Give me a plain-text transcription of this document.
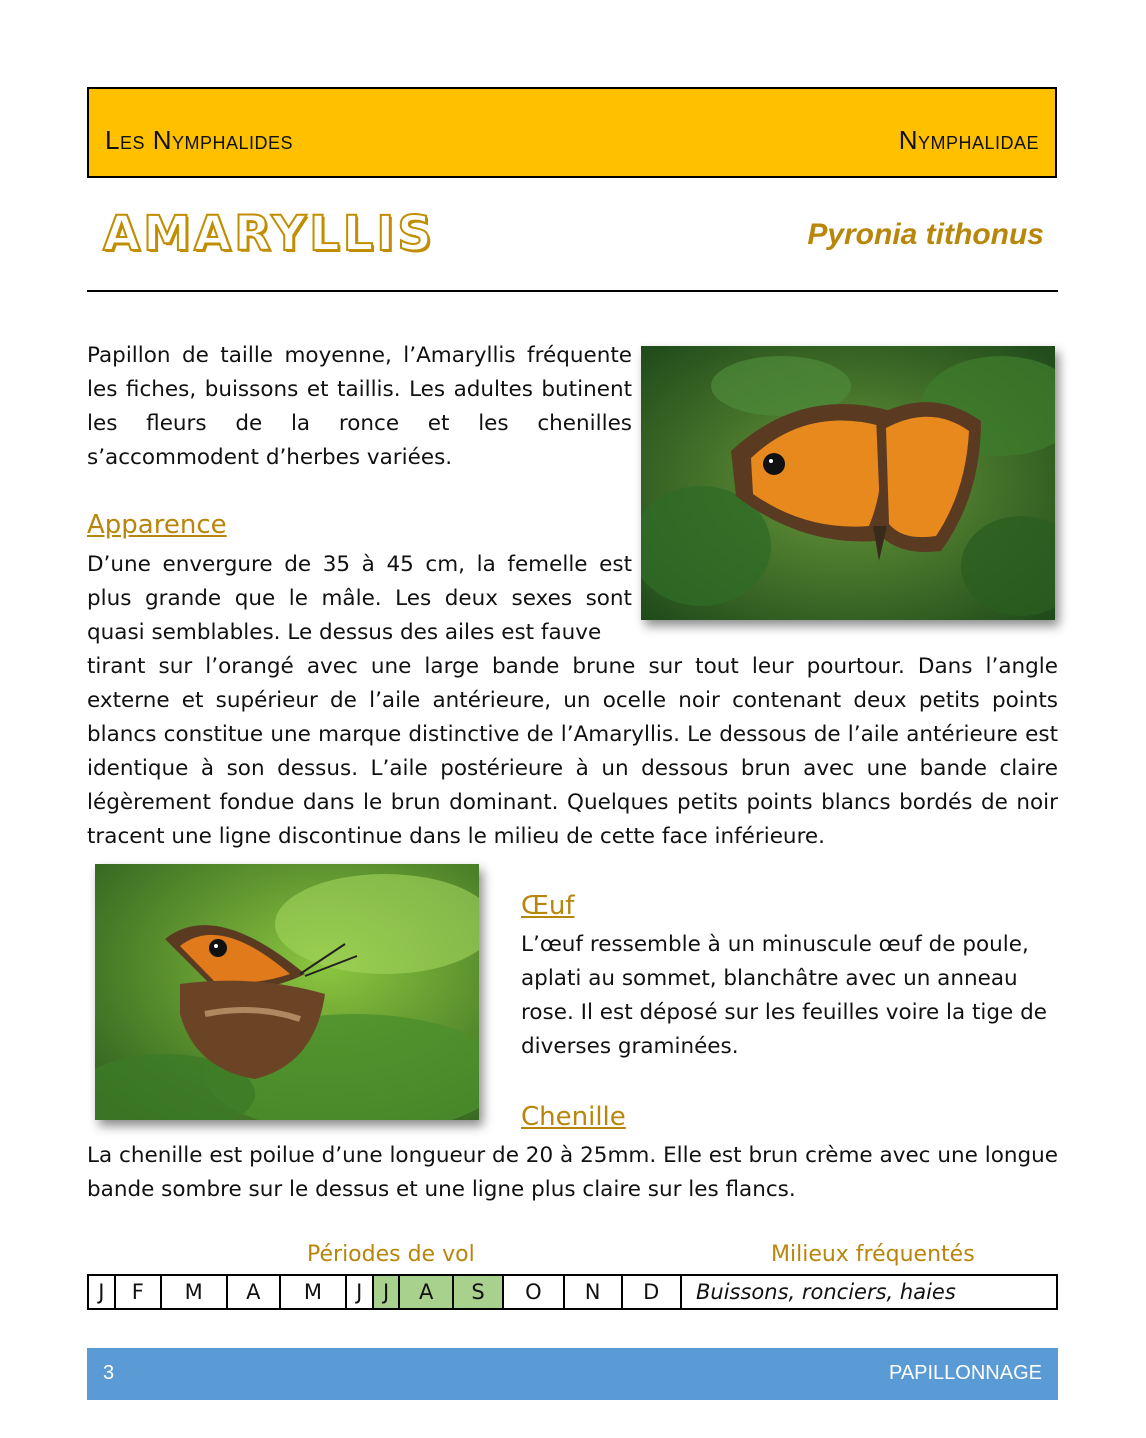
Les Nymphalides	Nymphalidae
AMARYLLIS	Pyronia tithonus
Papillon de taille moyenne, l’Amaryllis fréquente les fiches, buissons et taillis. Les adultes butinent les fleurs de la ronce et les chenilles s’accommodent d’herbes variées.
Apparence
D’une envergure de 35 à 45 cm, la femelle est plus grande que le mâle. Les deux sexes sont quasi semblables. Le dessus des ailes est fauve
tirant sur l’orangé avec une large bande brune sur tout leur pourtour. Dans l’angle externe et supérieur de l’aile antérieure, un ocelle noir contenant deux petits points blancs constitue une marque distinctive de l’Amaryllis. Le dessous de l’aile antérieure est identique à son dessus. L’aile postérieure à un dessous brun avec une bande claire légèrement fondue dans le brun dominant. Quelques petits points blancs bordés de noir tracent une ligne discontinue dans le milieu de cette face inférieure.
Œuf
L’œuf ressemble à un minuscule œuf de poule, aplati au sommet, blanchâtre avec un anneau rose. Il est déposé sur les feuilles voire la tige de diverses graminées.
Chenille
La chenille est poilue d’une longueur de 20 à 25mm. Elle est brun crème avec une longue bande sombre sur le dessus et une ligne plus claire sur les flancs.
Périodes de vol	Milieux fréquentés
J	F	M	A	M	J	J	A	S	O	N	D	Buissons, ronciers, haies
3	PAPILLONNAGE
